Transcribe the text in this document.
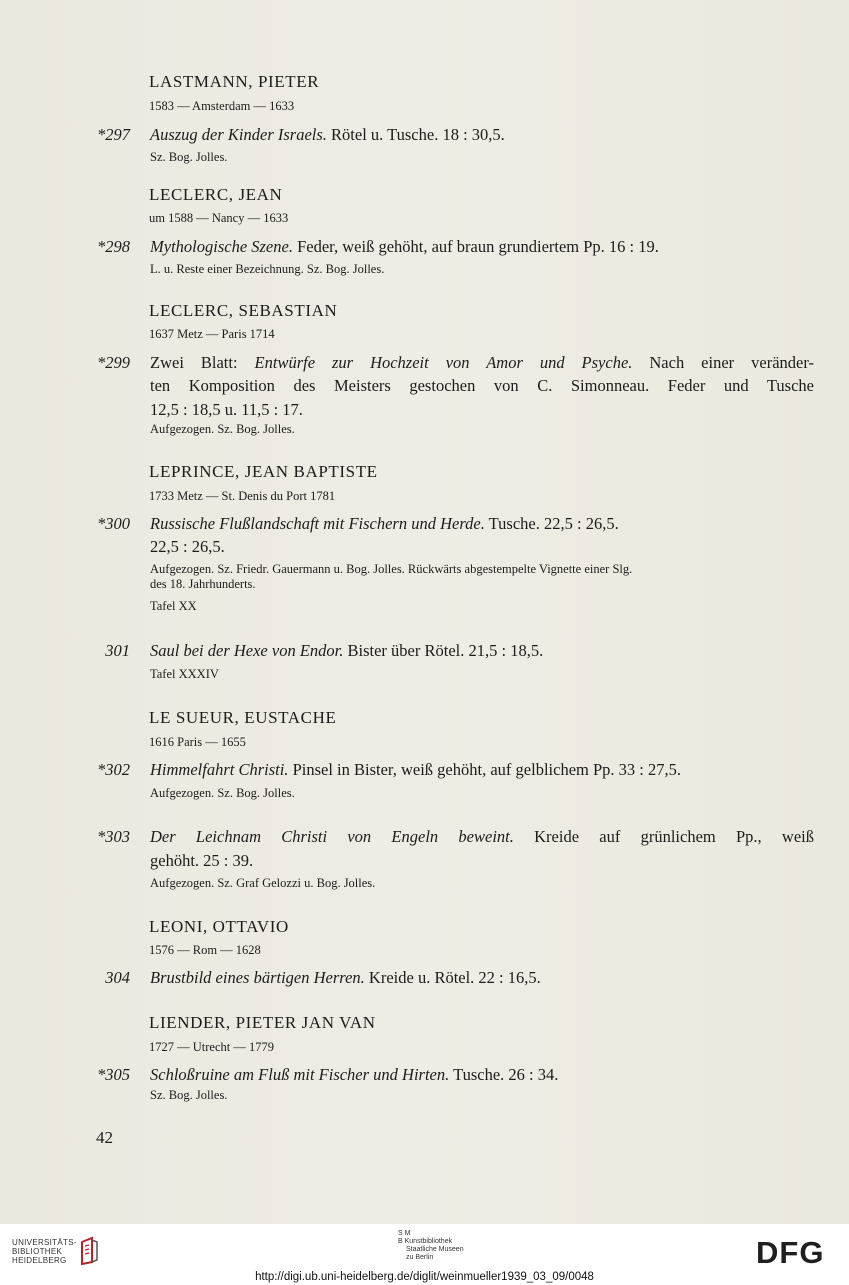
LASTMANN, PIETER
1583 — Amsterdam — 1633
*297 Auszug der Kinder Israels. Rötel u. Tusche. 18 : 30,5.
Sz. Bog. Jolles.
LECLERC, JEAN
um 1588 — Nancy — 1633
*298 Mythologische Szene. Feder, weiß gehöht, auf braun grundiertem Pp. 16 : 19.
L. u. Reste einer Bezeichnung. Sz. Bog. Jolles.
LECLERC, SEBASTIAN
1637 Metz — Paris 1714
*299 Zwei Blatt: Entwürfe zur Hochzeit von Amor und Psyche. Nach einer veränder-
ten Komposition des Meisters gestochen von C. Simonneau. Feder und Tusche
12,5 : 18,5 u. 11,5 : 17.
Aufgezogen. Sz. Bog. Jolles.
LEPRINCE, JEAN BAPTISTE
1733 Metz — St. Denis du Port 1781
*300 Russische Flußlandschaft mit Fischern und Herde. Tusche. 22,5 : 26,5.
22,5 : 26,5.
Aufgezogen. Sz. Friedr. Gauermann u. Bog. Jolles. Rückwärts abgestempelte Vignette einer Slg.
des 18. Jahrhunderts.
Tafel XX
301 Saul bei der Hexe von Endor. Bister über Rötel. 21,5 : 18,5.
Tafel XXXIV
LE SUEUR, EUSTACHE
1616 Paris — 1655
*302 Himmelfahrt Christi. Pinsel in Bister, weiß gehöht, auf gelblichem Pp. 33 : 27,5.
Aufgezogen. Sz. Bog. Jolles.
*303 Der Leichnam Christi von Engeln beweint. Kreide auf grünlichem Pp., weiß
gehöht. 25 : 39.
Aufgezogen. Sz. Graf Gelozzi u. Bog. Jolles.
LEONI, OTTAVIO
1576 — Rom — 1628
304 Brustbild eines bärtigen Herren. Kreide u. Rötel. 22 : 16,5.
LIENDER, PIETER JAN VAN
1727 — Utrecht — 1779
*305 Schloßruine am Fluß mit Fischer und Hirten. Tusche. 26 : 34.
Sz. Bog. Jolles.
42
UNIVERSITÄTS-
BIBLIOTHEK
HEIDELBERG
S M
B Kunstbibliothek
Staatliche Museen
zu Berlin	DFG
http://digi.ub.uni-heidelberg.de/diglit/weinmueller1939_03_09/0048
